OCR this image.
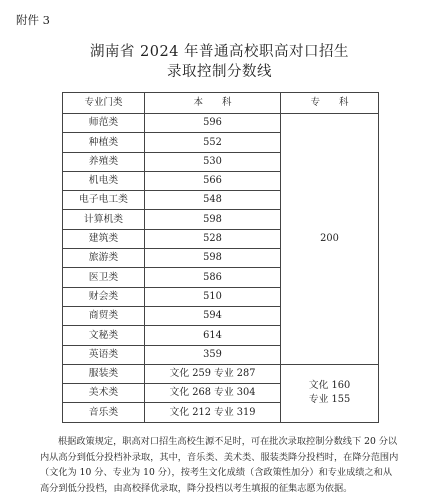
附件 3
湖南省 2024 年普通高校职高对口招生
录取控制分数线
专业门类	本　　科	专　　科
师范类	596	200
种植类	552	
养殖类	530	
机电类	566	
电子电工类	548	
计算机类	598	
建筑类	528	
旅游类	598	
医卫类	586	
财会类	510	
商贸类	594	
文秘类	614	
英语类	359	
服装类	文化 259 专业 287	文化 160
专业 155

美术类	文化 268 专业 304	
音乐类	文化 212 专业 319	

根据政策规定，职高对口招生高校生源不足时，可在批次录取控制分数线下 20 分以

内从高分到低分投档补录取，其中，音乐类、美术类、服装类降分投档时，在降分范围内

（文化为 10 分、专业为 10 分），按考生文化成绩（含政策性加分）和专业成绩之和从

高分到低分投档，由高校择优录取，降分投档以考生填报的征集志愿为依据。
